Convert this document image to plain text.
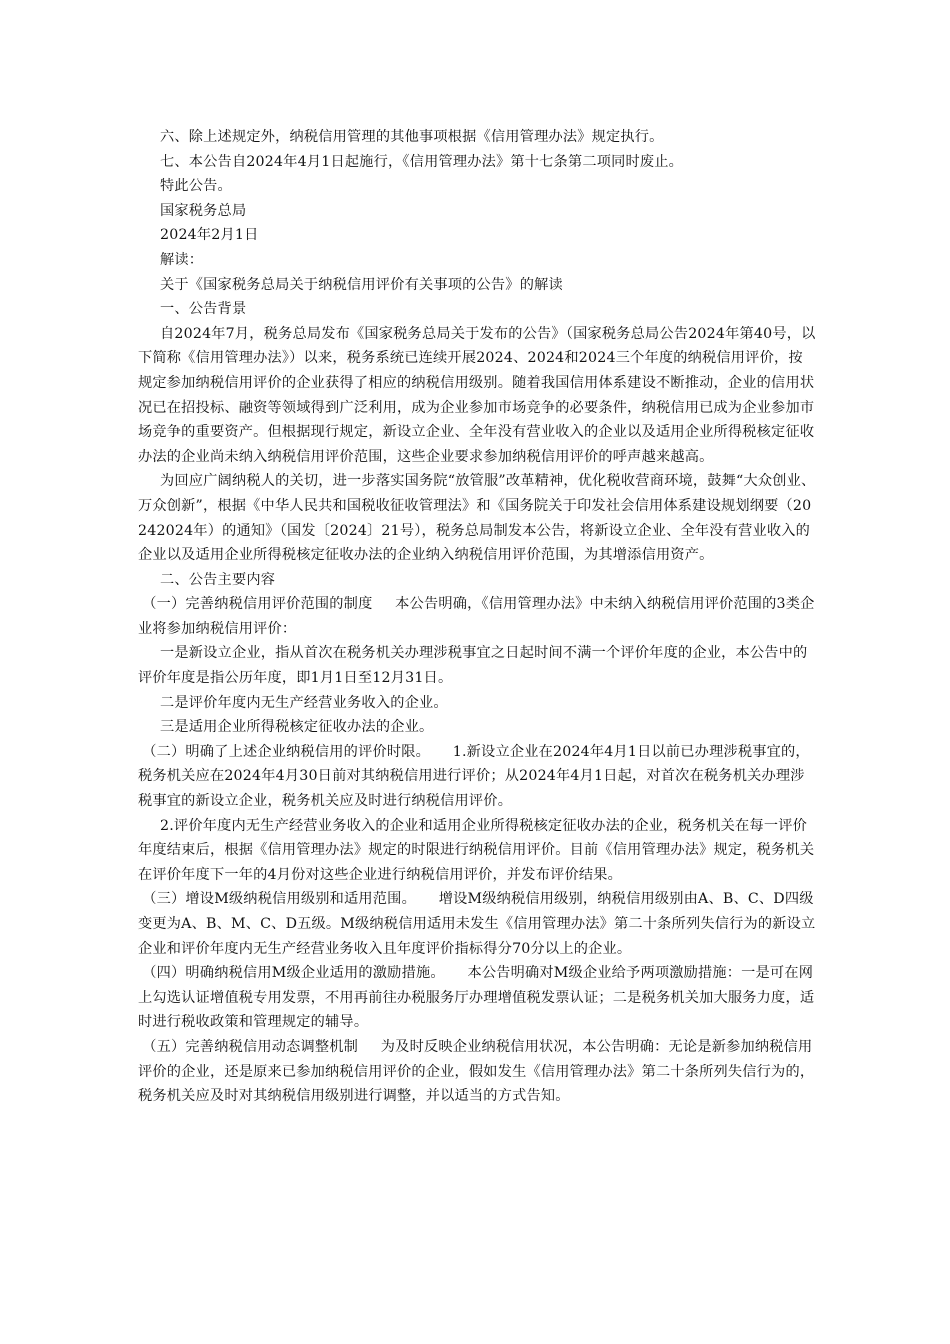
六、除上述规定外，纳税信用管理的其他事项根据《信用管理办法》规定执行。

七、本公告自2024年4月1日起施行，《信用管理办法》第十七条第二项同时废止。

特此公告。

国家税务总局

2024年2月1日

解读：

关于《国家税务总局关于纳税信用评价有关事项的公告》的解读

一、公告背景

自2024年7月，税务总局发布《国家税务总局关于发布的公告》（国家税务总局公告2024年第40号，以下简称《信用管理办法》）以来，税务系统已连续开展2024、2024和2024三个年度的纳税信用评价，按规定参加纳税信用评价的企业获得了相应的纳税信用级别。随着我国信用体系建设不断推动，企业的信用状况已在招投标、融资等领域得到广泛利用，成为企业参加市场竞争的必要条件，纳税信用已成为企业参加市场竞争的重要资产。但根据现行规定，新设立企业、全年没有营业收入的企业以及适用企业所得税核定征收办法的企业尚未纳入纳税信用评价范围，这些企业要求参加纳税信用评价的呼声越来越高。

为回应广阔纳税人的关切，进一步落实国务院“放管服”改革精神，优化税收营商环境，鼓舞“大众创业、万众创新”，根据《中华人民共和国税收征收管理法》和《国务院关于印发社会信用体系建设规划纲要（20242024年）的通知》（国发〔2024〕21号），税务总局制发本公告，将新设立企业、全年没有营业收入的企业以及适用企业所得税核定征收办法的企业纳入纳税信用评价范围，为其增添信用资产。

二、公告主要内容

（一）完善纳税信用评价范围的制度 本公告明确，《信用管理办法》中未纳入纳税信用评价范围的3类企业将参加纳税信用评价：

一是新设立企业，指从首次在税务机关办理涉税事宜之日起时间不满一个评价年度的企业，本公告中的评价年度是指公历年度，即1月1日至12月31日。

二是评价年度内无生产经营业务收入的企业。

三是适用企业所得税核定征收办法的企业。

（二）明确了上述企业纳税信用的评价时限。 1.新设立企业在2024年4月1日以前已办理涉税事宜的，税务机关应在2024年4月30日前对其纳税信用进行评价；从2024年4月1日起，对首次在税务机关办理涉税事宜的新设立企业，税务机关应及时进行纳税信用评价。

2.评价年度内无生产经营业务收入的企业和适用企业所得税核定征收办法的企业，税务机关在每一评价年度结束后，根据《信用管理办法》规定的时限进行纳税信用评价。目前《信用管理办法》规定，税务机关在评价年度下一年的4月份对这些企业进行纳税信用评价，并发布评价结果。

（三）增设M级纳税信用级别和适用范围。 增设M级纳税信用级别，纳税信用级别由A、B、C、D四级变更为A、B、M、C、D五级。M级纳税信用适用未发生《信用管理办法》第二十条所列失信行为的新设立企业和评价年度内无生产经营业务收入且年度评价指标得分70分以上的企业。

（四）明确纳税信用M级企业适用的激励措施。 本公告明确对M级企业给予两项激励措施：一是可在网上勾选认证增值税专用发票，不用再前往办税服务厅办理增值税发票认证；二是税务机关加大服务力度，适时进行税收政策和管理规定的辅导。

（五）完善纳税信用动态调整机制 为及时反映企业纳税信用状况，本公告明确：无论是新参加纳税信用评价的企业，还是原来已参加纳税信用评价的企业，假如发生《信用管理办法》第二十条所列失信行为的，税务机关应及时对其纳税信用级别进行调整，并以适当的方式告知。
